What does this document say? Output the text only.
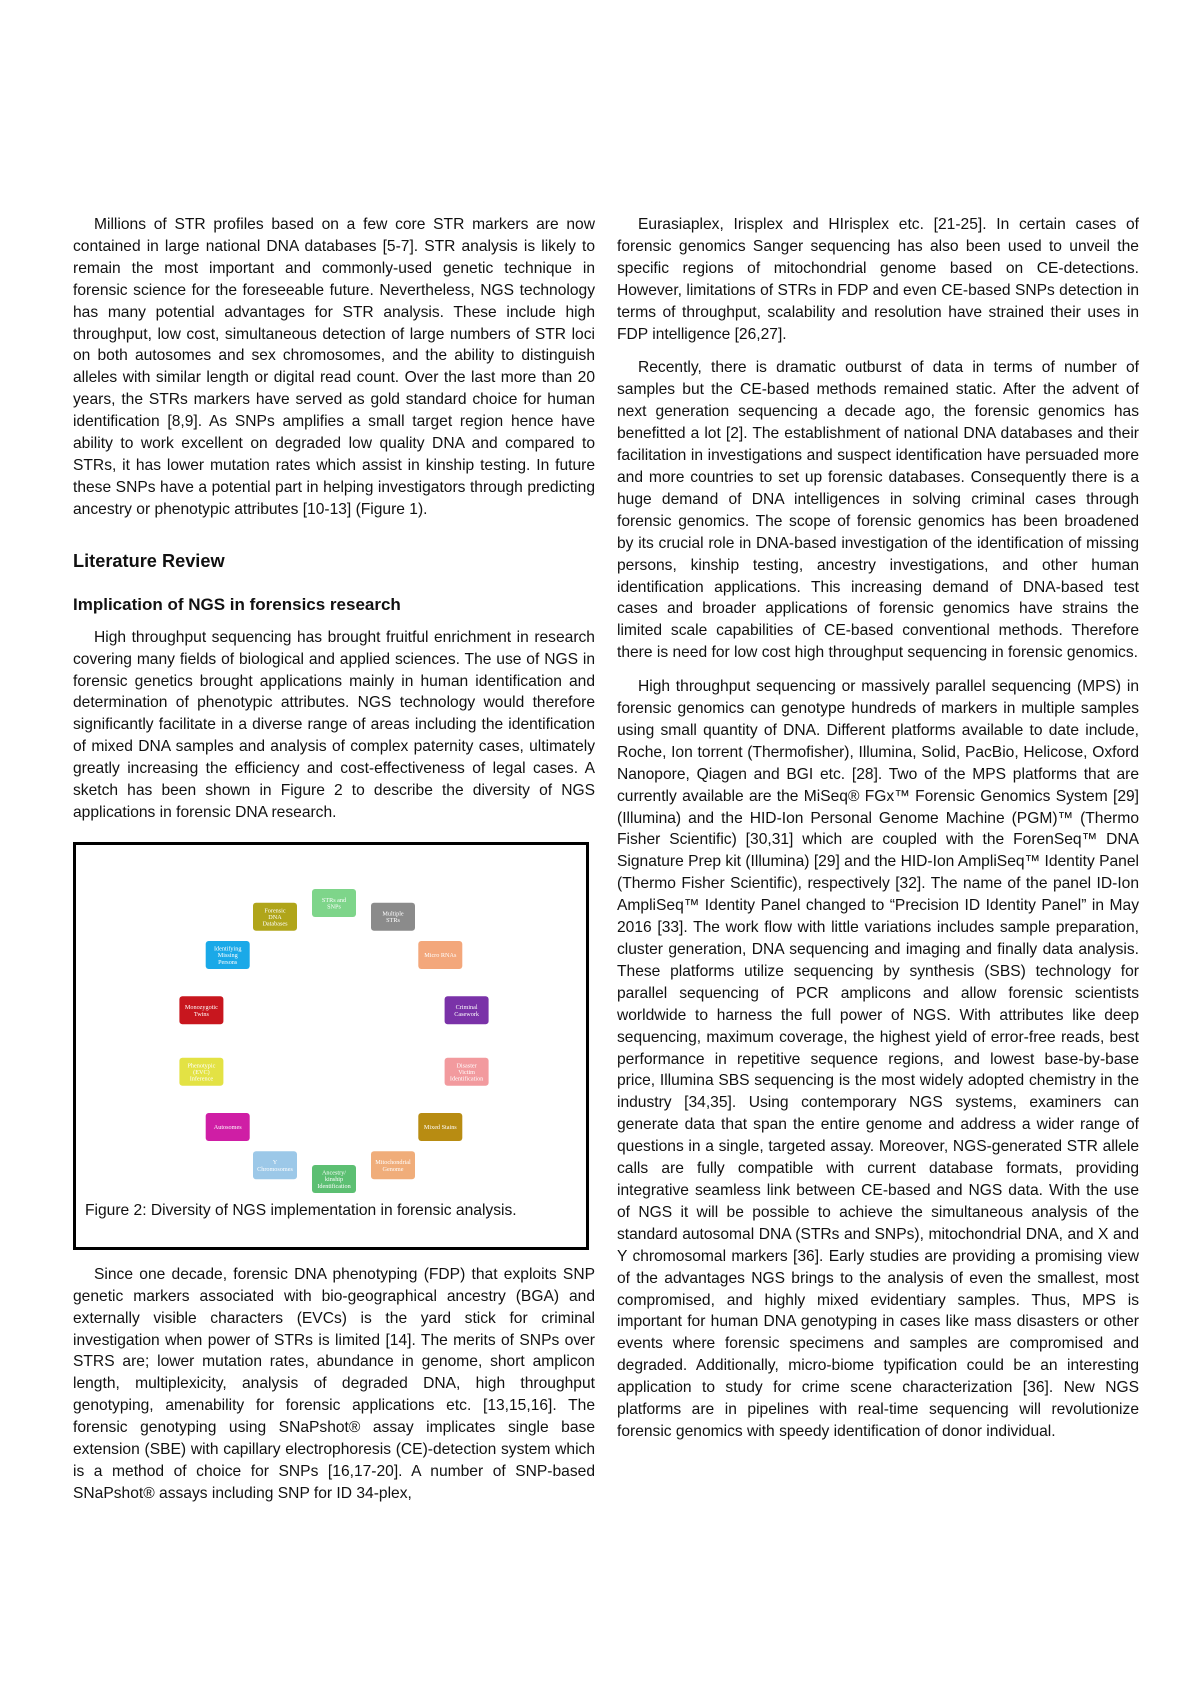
Millions of STR profiles based on a few core STR markers are now contained in large national DNA databases [5-7]. STR analysis is likely to remain the most important and commonly-used genetic technique in forensic science for the foreseeable future. Nevertheless, NGS technology has many potential advantages for STR analysis. These include high throughput, low cost, simultaneous detection of large numbers of STR loci on both autosomes and sex chromosomes, and the ability to distinguish alleles with similar length or digital read count. Over the last more than 20 years, the STRs markers have served as gold standard choice for human identification [8,9]. As SNPs amplifies a small target region hence have ability to work excellent on degraded low quality DNA and compared to STRs, it has lower mutation rates which assist in kinship testing. In future these SNPs have a potential part in helping investigators through predicting ancestry or phenotypic attributes [10-13] (Figure 1).

Literature Review
Implication of NGS in forensics research

High throughput sequencing has brought fruitful enrichment in research covering many fields of biological and applied sciences. The use of NGS in forensic genetics brought applications mainly in human identification and determination of phenotypic attributes. NGS technology would therefore significantly facilitate in a diverse range of areas including the identification of mixed DNA samples and analysis of complex paternity cases, ultimately greatly increasing the efficiency and cost-effectiveness of legal cases. A sketch has been shown in Figure 2 to describe the diversity of NGS applications in forensic DNA research.

STRs and
SNPs
Multiple
STRs
Micro RNAs
Criminal
Casework
Disaster
Victim
Identification
Mixed Stains
Mitochondrial
Genome
Ancestry/
kinship
Identification
Y
Chromosomes
Autosomes
Phenotypic
(EVC)
Inference
Monozygotic
Twins
Identifying
Missing
Persons
Forensic
DNA
Databases
Figure 2: Diversity of NGS implementation in forensic analysis.

Since one decade, forensic DNA phenotyping (FDP) that exploits SNP genetic markers associated with bio-geographical ancestry (BGA) and externally visible characters (EVCs) is the yard stick for criminal investigation when power of STRs is limited [14]. The merits of SNPs over STRS are; lower mutation rates, abundance in genome, short amplicon length, multiplexicity, analysis of degraded DNA, high throughput genotyping, amenability for forensic applications etc. [13,15,16]. The forensic genotyping using SNaPshot® assay implicates single base extension (SBE) with capillary electrophoresis (CE)-detection system which is a method of choice for SNPs [16,17-20]. A number of SNP-based SNaPshot® assays including SNP for ID 34-plex,

Eurasiaplex, Irisplex and HIrisplex etc. [21-25]. In certain cases of forensic genomics Sanger sequencing has also been used to unveil the specific regions of mitochondrial genome based on CE-detections. However, limitations of STRs in FDP and even CE-based SNPs detection in terms of throughput, scalability and resolution have strained their uses in FDP intelligence [26,27].

Recently, there is dramatic outburst of data in terms of number of samples but the CE-based methods remained static. After the advent of next generation sequencing a decade ago, the forensic genomics has benefitted a lot [2]. The establishment of national DNA databases and their facilitation in investigations and suspect identification have persuaded more and more countries to set up forensic databases. Consequently there is a huge demand of DNA intelligences in solving criminal cases through forensic genomics. The scope of forensic genomics has been broadened by its crucial role in DNA-based investigation of the identification of missing persons, kinship testing, ancestry investigations, and other human identification applications. This increasing demand of DNA-based test cases and broader applications of forensic genomics have strains the limited scale capabilities of CE-based conventional methods. Therefore there is need for low cost high throughput sequencing in forensic genomics.

High throughput sequencing or massively parallel sequencing (MPS) in forensic genomics can genotype hundreds of markers in multiple samples using small quantity of DNA. Different platforms available to date include, Roche, Ion torrent (Thermofisher), Illumina, Solid, PacBio, Helicose, Oxford Nanopore, Qiagen and BGI etc. [28]. Two of the MPS platforms that are currently available are the MiSeq® FGx™ Forensic Genomics System [29] (Illumina) and the HID-Ion Personal Genome Machine (PGM)™ (Thermo Fisher Scientific) [30,31] which are coupled with the ForenSeq™ DNA Signature Prep kit (Illumina) [29] and the HID-Ion AmpliSeq™ Identity Panel (Thermo Fisher Scientific), respectively [32]. The name of the panel ID-Ion AmpliSeq™ Identity Panel changed to “Precision ID Identity Panel” in May 2016 [33]. The work flow with little variations includes sample preparation, cluster generation, DNA sequencing and imaging and finally data analysis. These platforms utilize sequencing by synthesis (SBS) technology for parallel sequencing of PCR amplicons and allow forensic scientists worldwide to harness the full power of NGS. With attributes like deep sequencing, maximum coverage, the highest yield of error-free reads, best performance in repetitive sequence regions, and lowest base-by-base price, Illumina SBS sequencing is the most widely adopted chemistry in the industry [34,35]. Using contemporary NGS systems, examiners can generate data that span the entire genome and address a wider range of questions in a single, targeted assay. Moreover, NGS-generated STR allele calls are fully compatible with current database formats, providing integrative seamless link between CE-based and NGS data. With the use of NGS it will be possible to achieve the simultaneous analysis of the standard autosomal DNA (STRs and SNPs), mitochondrial DNA, and X and Y chromosomal markers [36]. Early studies are providing a promising view of the advantages NGS brings to the analysis of even the smallest, most compromised, and highly mixed evidentiary samples. Thus, MPS is important for human DNA genotyping in cases like mass disasters or other events where forensic specimens and samples are compromised and degraded. Additionally, micro-biome typification could be an interesting application to study for crime scene characterization [36]. New NGS platforms are in pipelines with real-time sequencing will revolutionize forensic genomics with speedy identification of donor individual.
